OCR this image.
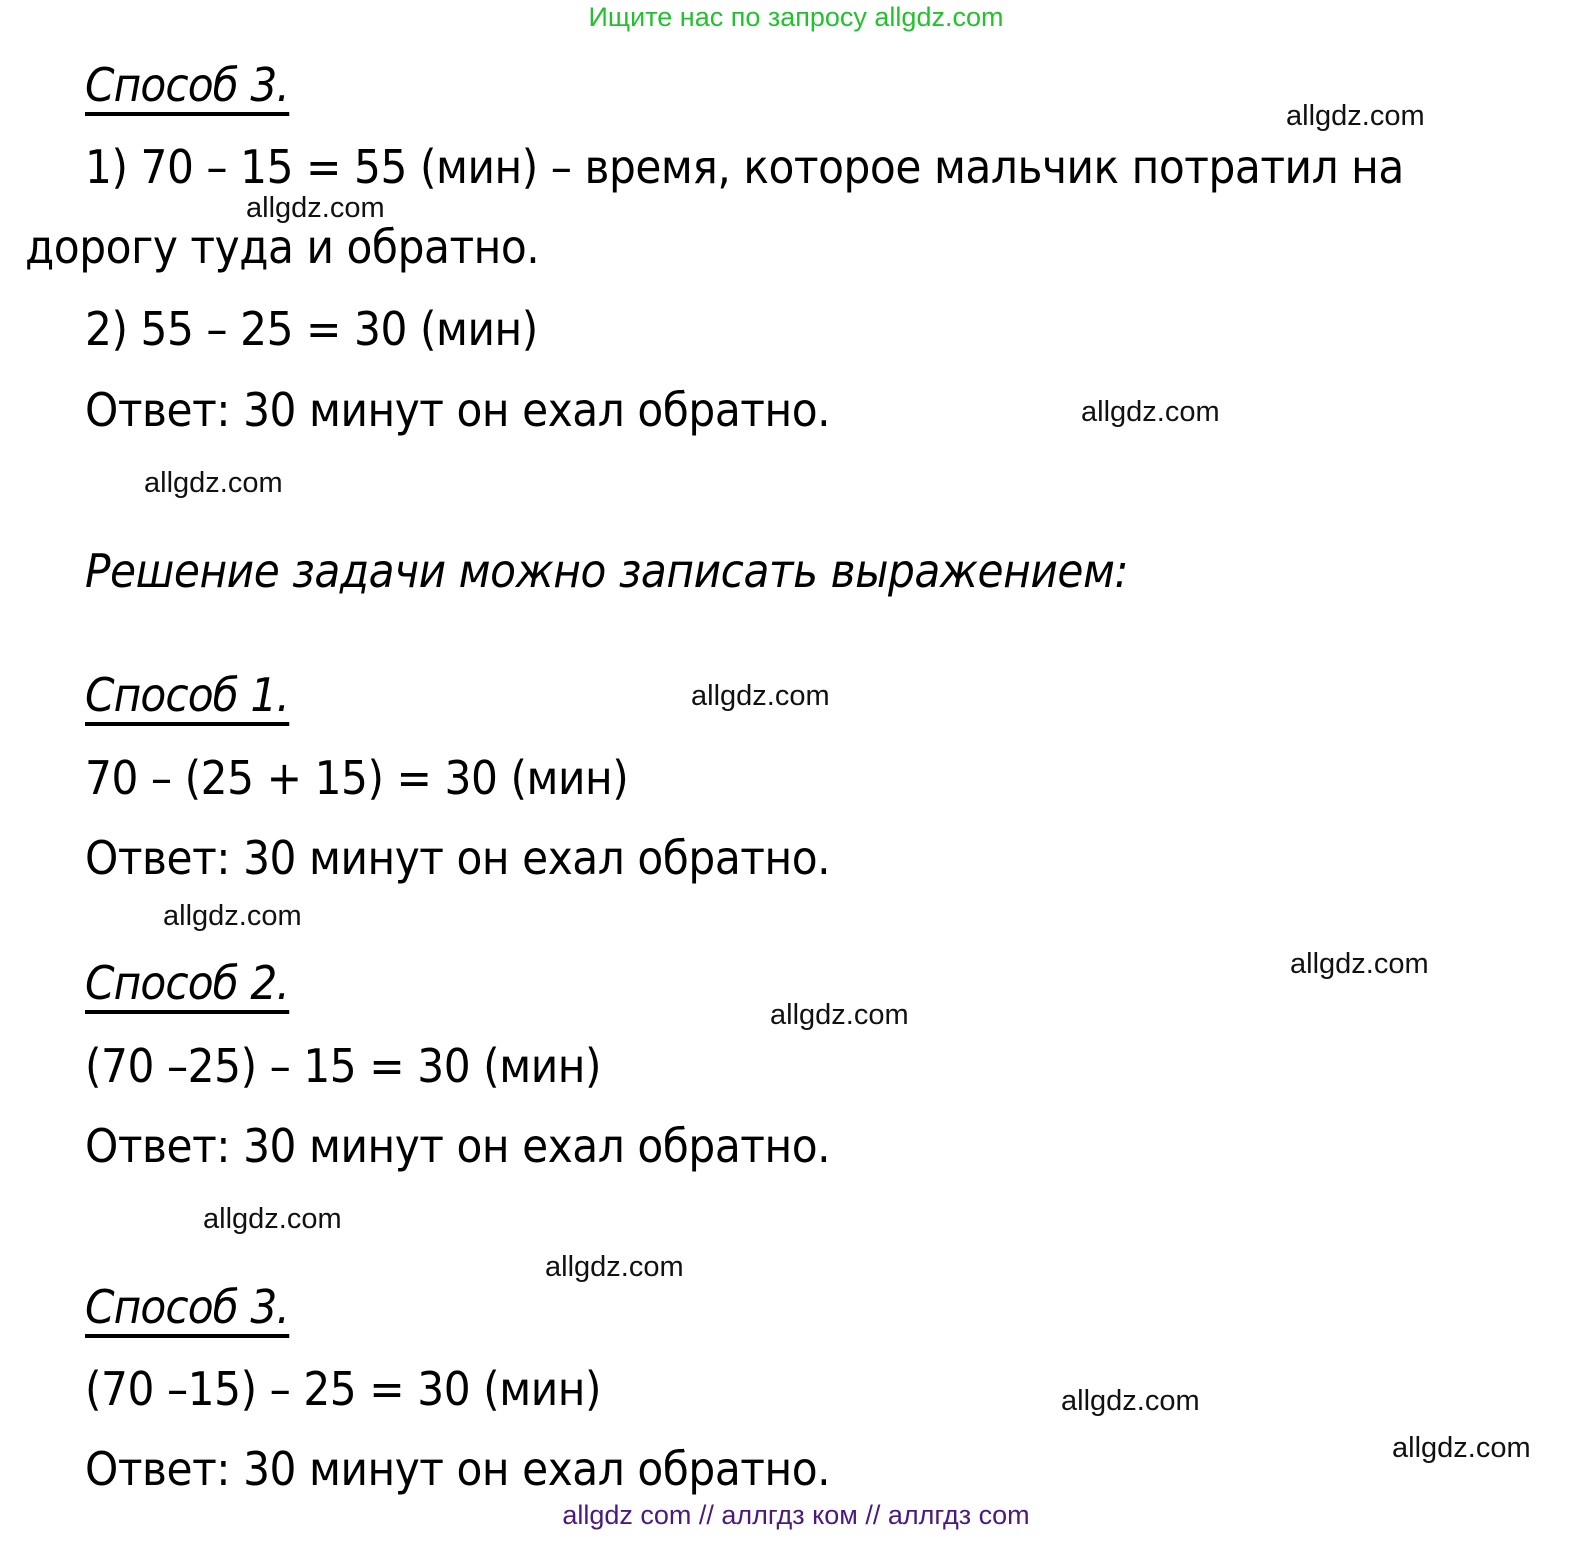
Ищите нас по запросу allgdz.com
Способ 3.
1) 70 – 15 = 55 (мин) – время, которое мальчик потратил на
дорогу туда и обратно.
2) 55 – 25 = 30 (мин)
Ответ: 30 минут он ехал обратно.
Решение задачи можно записать выражением:
Способ 1.
70 – (25 + 15) = 30 (мин)
Ответ: 30 минут он ехал обратно.
Способ 2.
(70 –25) – 15 = 30 (мин)
Ответ: 30 минут он ехал обратно.
Способ 3.
(70 –15) – 25 = 30 (мин)
Ответ: 30 минут он ехал обратно.
allgdz.com
allgdz.com
allgdz.com
allgdz.com
allgdz.com
allgdz.com
allgdz.com
allgdz.com
allgdz.com
allgdz.com
allgdz.com
allgdz.com
allgdz com // аллгдз ком // аллгдз com
